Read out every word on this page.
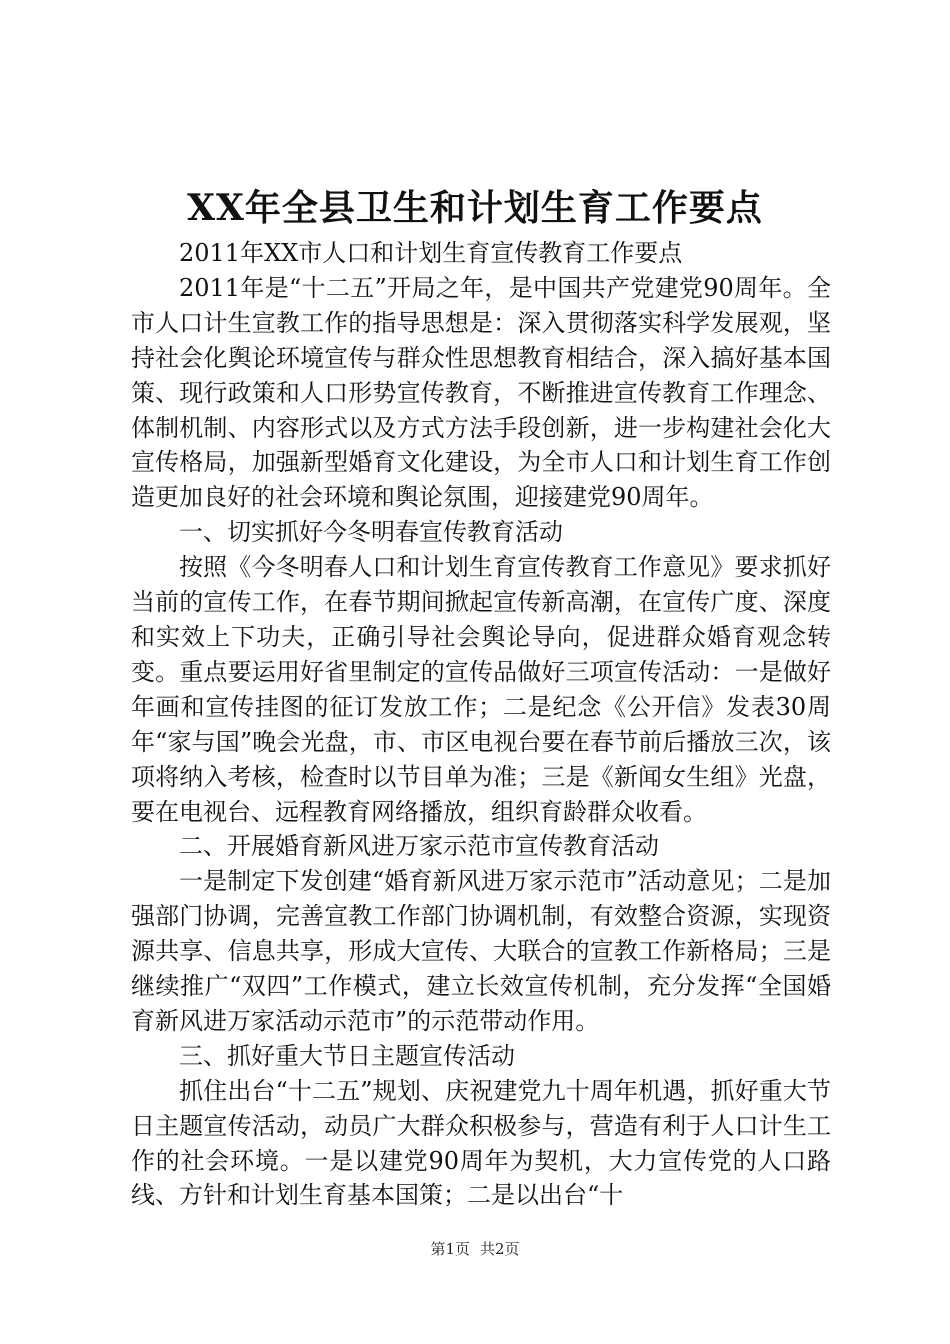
XX年全县卫生和计划生育工作要点

2011年XX市人口和计划生育宣传教育工作要点

2011年是“十二五”开局之年，是中国共产党建党90周年。全市人口计生宣教工作的指导思想是：深入贯彻落实科学发展观，坚持社会化舆论环境宣传与群众性思想教育相结合，深入搞好基本国策、现行政策和人口形势宣传教育，不断推进宣传教育工作理念、体制机制、内容形式以及方式方法手段创新，进一步构建社会化大宣传格局，加强新型婚育文化建设，为全市人口和计划生育工作创造更加良好的社会环境和舆论氛围，迎接建党90周年。

一、切实抓好今冬明春宣传教育活动

按照《今冬明春人口和计划生育宣传教育工作意见》要求抓好当前的宣传工作，在春节期间掀起宣传新高潮，在宣传广度、深度和实效上下功夫，正确引导社会舆论导向，促进群众婚育观念转变。重点要运用好省里制定的宣传品做好三项宣传活动：一是做好年画和宣传挂图的征订发放工作；二是纪念《公开信》发表30周年“家与国”晚会光盘，市、市区电视台要在春节前后播放三次，该项将纳入考核，检查时以节目单为准；三是《新闻女生组》光盘，要在电视台、远程教育网络播放，组织育龄群众收看。

二、开展婚育新风进万家示范市宣传教育活动

一是制定下发创建“婚育新风进万家示范市”活动意见；二是加强部门协调，完善宣教工作部门协调机制，有效整合资源，实现资源共享、信息共享，形成大宣传、大联合的宣教工作新格局；三是继续推广“双四”工作模式，建立长效宣传机制，充分发挥“全国婚育新风进万家活动示范市”的示范带动作用。

三、抓好重大节日主题宣传活动

抓住出台“十二五”规划、庆祝建党九十周年机遇，抓好重大节日主题宣传活动，动员广大群众积极参与，营造有利于人口计生工作的社会环境。一是以建党90周年为契机，大力宣传党的人口路线、方针和计划生育基本国策；二是以出台“十

第1页 共2页
